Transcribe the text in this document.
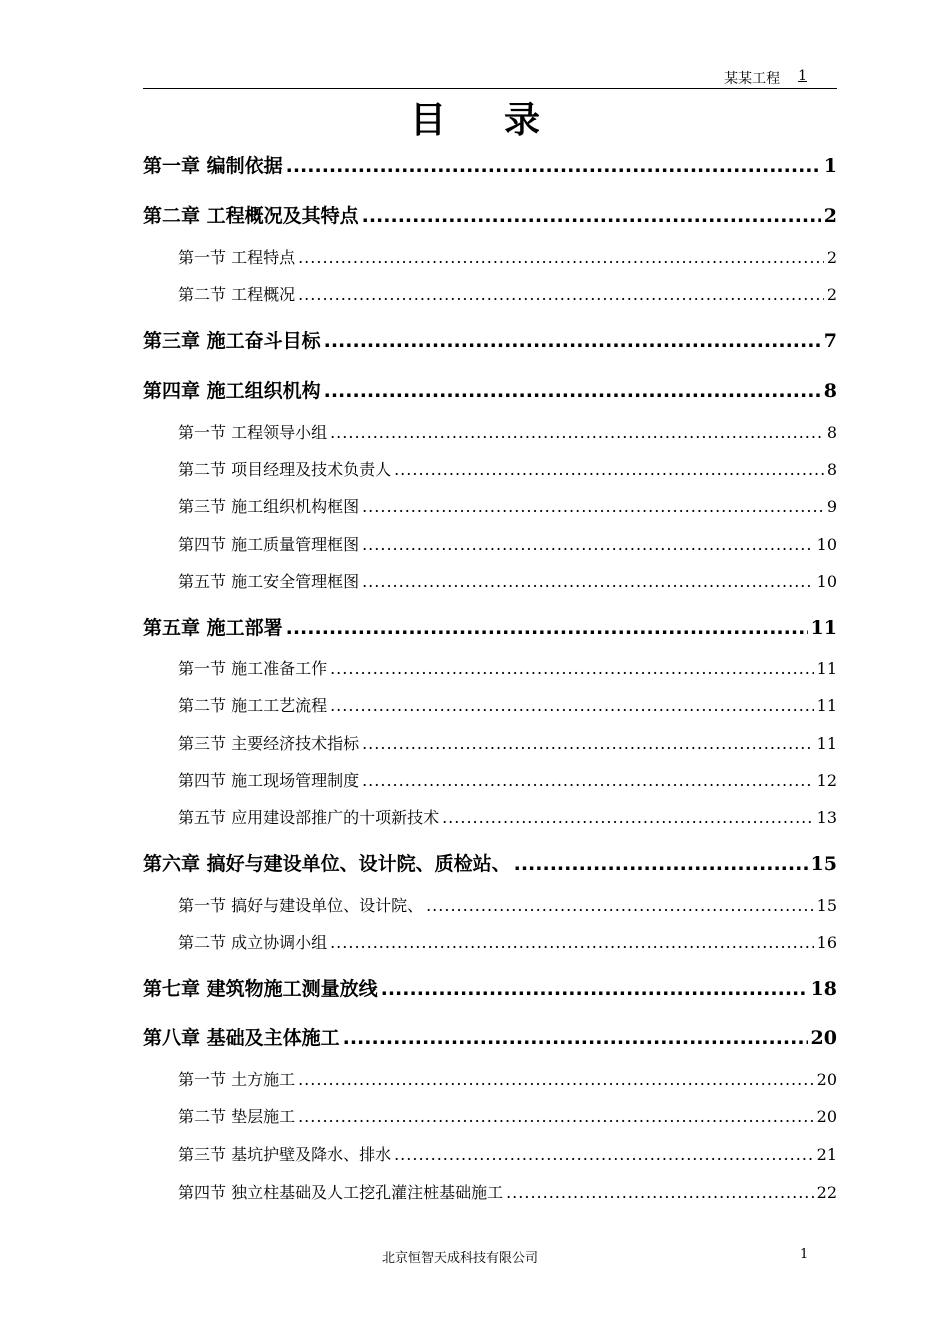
某某工程 1
目录
第一章 编制依据 .....	1
第二章 工程概况及其特点 .....	2
第一节 工程特点 .....	2
第二节 工程概况 .....	2
第三章 施工奋斗目标 .....	7
第四章 施工组织机构 .....	8
第一节 工程领导小组 .....	8
第二节 项目经理及技术负责人 .....	8
第三节 施工组织机构框图 .....	9
第四节 施工质量管理框图 .....	10
第五节 施工安全管理框图 .....	10
第五章 施工部署 .....	11
第一节 施工准备工作 .....	11
第二节 施工工艺流程 .....	11
第三节 主要经济技术指标 .....	11
第四节 施工现场管理制度 .....	12
第五节 应用建设部推广的十项新技术 .....	13
第六章 搞好与建设单位、设计院、质检站、 .....	15
第一节 搞好与建设单位、设计院、 .....	15
第二节 成立协调小组 .....	16
第七章 建筑物施工测量放线 .....	18
第八章 基础及主体施工 .....	20
第一节 土方施工 .....	20
第二节 垫层施工 .....	20
第三节 基坑护壁及降水、排水 .....	21
第四节 独立柱基础及人工挖孔灌注桩基础施工 .....	22
北京恒智天成科技有限公司	1
